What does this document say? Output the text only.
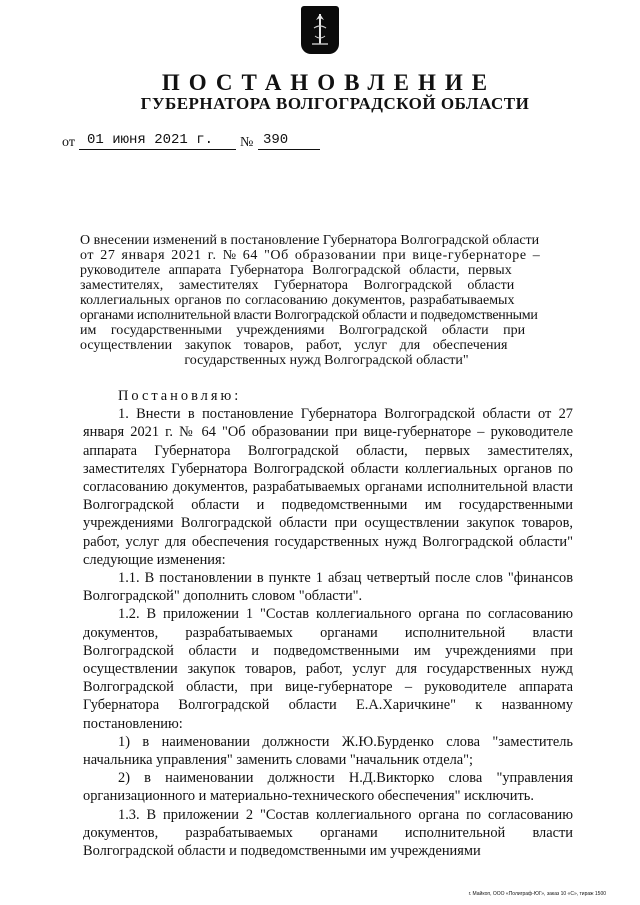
ПОСТАНОВЛЕНИЕ
ГУБЕРНАТОРА ВОЛГОГРАДСКОЙ ОБЛАСТИ
от 01 июня 2021 г. № 390
О внесении изменений в постановление Губернатора Волгоградской области
от 27 января 2021 г. № 64 "Об образовании при вице-губернаторе –
руководителе аппарата Губернатора Волгоградской области, первых
заместителях, заместителях Губернатора Волгоградской области
коллегиальных органов по согласованию документов, разрабатываемых
органами исполнительной власти Волгоградской области и подведомственными
им государственными учреждениями Волгоградской области при
осуществлении закупок товаров, работ, услуг для обеспечения
государственных нужд Волгоградской области"

Постановляю:

1. Внести в постановление Губернатора Волгоградской области от 27 января 2021 г. № 64 "Об образовании при вице-губернаторе – руководителе аппарата Губернатора Волгоградской области, первых заместителях, заместителях Губернатора Волгоградской области коллегиальных органов по согласованию документов, разрабатываемых органами исполнительной власти Волгоградской области и подведомственными им государственными учреждениями Волгоградской области при осуществлении закупок товаров, работ, услуг для обеспечения государственных нужд Волгоградской области" следующие изменения:

1.1. В постановлении в пункте 1 абзац четвертый после слов "финансов Волгоградской" дополнить словом "области".

1.2. В приложении 1 "Состав коллегиального органа по согласованию документов, разрабатываемых органами исполнительной власти Волгоградской области и подведомственными им учреждениями при осуществлении закупок товаров, работ, услуг для государственных нужд Волгоградской области, при вице-губернаторе – руководителе аппарата Губернатора Волгоградской области Е.А.Харичкине" к названному постановлению:

1) в наименовании должности Ж.Ю.Бурденко слова "заместитель начальника управления" заменить словами "начальник отдела";

2) в наименовании должности Н.Д.Викторко слова "управления организационного и материально-технического обеспечения" исключить.

1.3. В приложении 2 "Состав коллегиального органа по согласованию документов, разрабатываемых органами исполнительной власти Волгоградской области и подведомственными им учреждениями

г. Майкоп, ООО «Полиграф-ЮГ», заказ 10 «С», тираж 1500
